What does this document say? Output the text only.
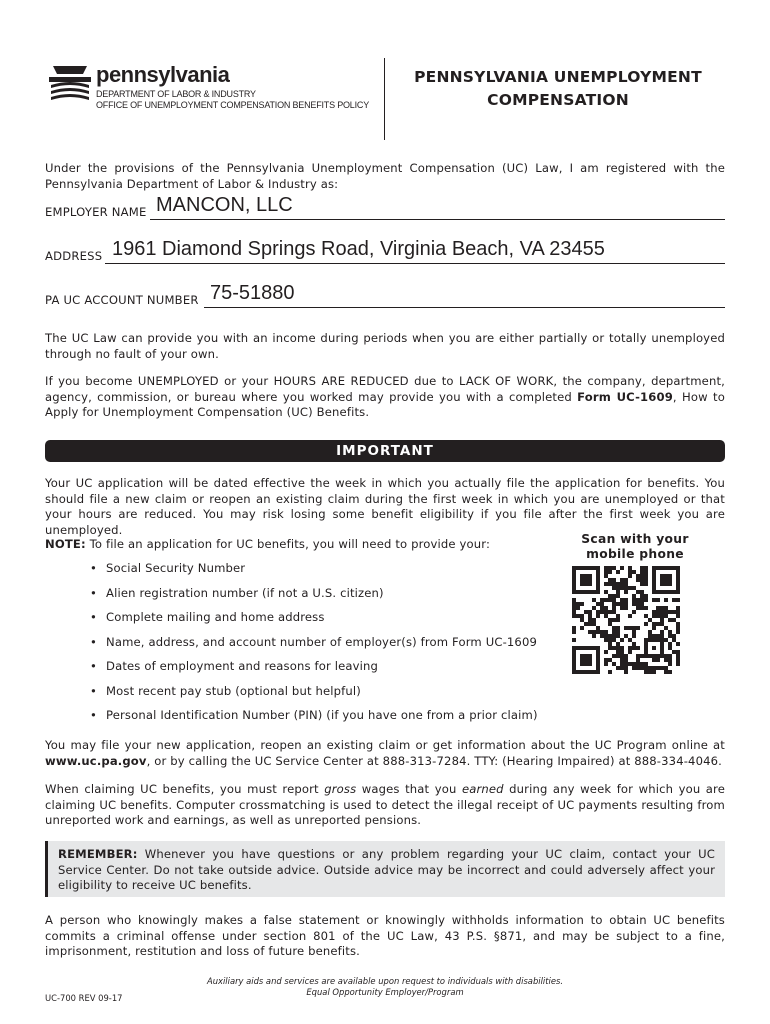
pennsylvania
DEPARTMENT OF LABOR & INDUSTRY
OFFICE OF UNEMPLOYMENT COMPENSATION BENEFITS POLICY
PENNSYLVANIA UNEMPLOYMENT
COMPENSATION
Under the provisions of the Pennsylvania Unemployment Compensation (UC) Law, I am registered with the Pennsylvania Department of Labor & Industry as:
EMPLOYER NAME MANCON, LLC
ADDRESS 1961 Diamond Springs Road, Virginia Beach, VA 23455
PA UC ACCOUNT NUMBER 75-51880
The UC Law can provide you with an income during periods when you are either partially or totally unemployed through no fault of your own.
If you become UNEMPLOYED or your HOURS ARE REDUCED due to LACK OF WORK, the company, department, agency, commission, or bureau where you worked may provide you with a completed Form UC-1609, How to Apply for Unemployment Compensation (UC) Benefits.
IMPORTANT
Your UC application will be dated effective the week in which you actually file the application for benefits. You should file a new claim or reopen an existing claim during the first week in which you are unemployed or that your hours are reduced. You may risk losing some benefit eligibility if you file after the first week you are unemployed.
NOTE: To file an application for UC benefits, you will need to provide your:
• Social Security Number
• Alien registration number (if not a U.S. citizen)
• Complete mailing and home address
• Name, address, and account number of employer(s) from Form UC-1609
• Dates of employment and reasons for leaving
• Most recent pay stub (optional but helpful)
• Personal Identification Number (PIN) (if you have one from a prior claim)
Scan with your
mobile phone
You may file your new application, reopen an existing claim or get information about the UC Program online at www.uc.pa.gov, or by calling the UC Service Center at 888-313-7284. TTY: (Hearing Impaired) at 888-334-4046.
When claiming UC benefits, you must report gross wages that you earned during any week for which you are claiming UC benefits. Computer crossmatching is used to detect the illegal receipt of UC payments resulting from unreported work and earnings, as well as unreported pensions.
REMEMBER: Whenever you have questions or any problem regarding your UC claim, contact your UC Service Center. Do not take outside advice. Outside advice may be incorrect and could adversely affect your eligibility to receive UC benefits.
A person who knowingly makes a false statement or knowingly withholds information to obtain UC benefits commits a criminal offense under section 801 of the UC Law, 43 P.S. §871, and may be subject to a fine, imprisonment, restitution and loss of future benefits.
UC-700 REV 09-17
Auxiliary aids and services are available upon request to individuals with disabilities.
Equal Opportunity Employer/Program
